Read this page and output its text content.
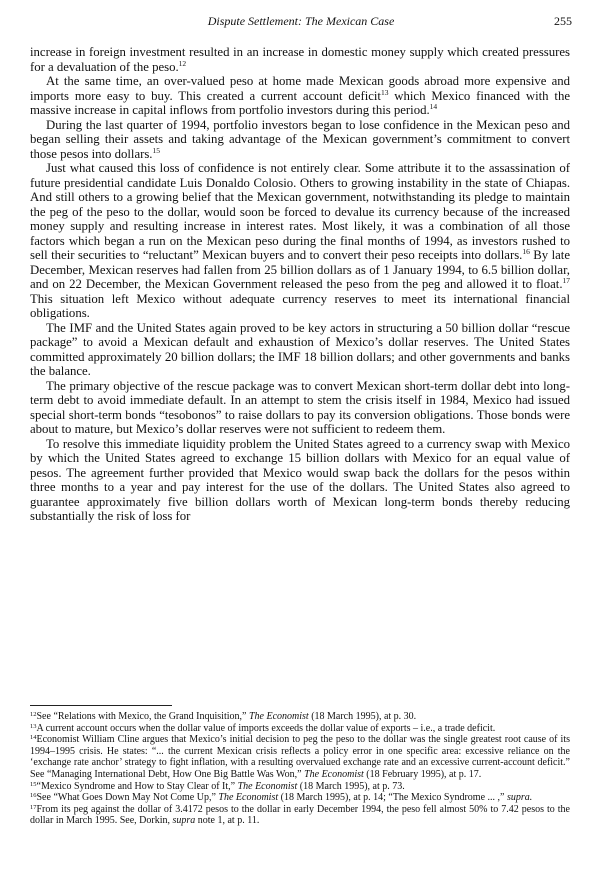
Dispute Settlement: The Mexican Case	255

increase in foreign investment resulted in an increase in domestic money supply which created pressures for a devaluation of the peso.$^{12}$

At the same time, an over-valued peso at home made Mexican goods abroad more expensive and imports more easy to buy. This created a current account deficit$^{13}$ which Mexico financed with the massive increase in capital inflows from portfolio investors during this period.$^{14}$

During the last quarter of 1994, portfolio investors began to lose confidence in the Mexican peso and began selling their assets and taking advantage of the Mexican government’s commitment to convert those pesos into dollars.$^{15}$

Just what caused this loss of confidence is not entirely clear. Some attribute it to the assassination of future presidential candidate Luis Donaldo Colosio. Others to growing instability in the state of Chiapas. And still others to a growing belief that the Mexican government, notwithstanding its pledge to maintain the peg of the peso to the dollar, would soon be forced to devalue its currency because of the increased money supply and resulting increase in interest rates. Most likely, it was a combination of all those factors which began a run on the Mexican peso during the final months of 1994, as investors rushed to sell their securities to “reluctant” Mexican buyers and to convert their peso receipts into dollars.$^{16}$ By late December, Mexican reserves had fallen from 25 billion dollars as of 1 January 1994, to 6.5 billion dollar, and on 22 December, the Mexican Government released the peso from the peg and allowed it to float.$^{17}$ This situation left Mexico without adequate currency reserves to meet its international financial obligations.

The IMF and the United States again proved to be key actors in structuring a 50 billion dollar “rescue package” to avoid a Mexican default and exhaustion of Mexico’s dollar reserves. The United States committed approximately 20 billion dollars; the IMF 18 billion dollars; and other governments and banks the balance.

The primary objective of the rescue package was to convert Mexican short-term dollar debt into long-term debt to avoid immediate default. In an attempt to stem the crisis itself in 1984, Mexico had issued special short-term bonds “tesobonos” to raise dollars to pay its conversion obligations. Those bonds were about to mature, but Mexico’s dollar reserves were not sufficient to redeem them.

To resolve this immediate liquidity problem the United States agreed to a currency swap with Mexico by which the United States agreed to exchange 15 billion dollars with Mexico for an equal value of pesos. The agreement further provided that Mexico would swap back the dollars for the pesos within three months to a year and pay interest for the use of the dollars. The United States also agreed to guarantee approximately five billion dollars worth of Mexican long-term bonds thereby reducing substantially the risk of loss for

$^{12}$See “Relations with Mexico, the Grand Inquisition,” The Economist (18 March 1995), at p. 30.

$^{13}$A current account occurs when the dollar value of imports exceeds the dollar value of exports – i.e., a trade deficit.

$^{14}$Economist William Cline argues that Mexico’s initial decision to peg the peso to the dollar was the single greatest root cause of its 1994–1995 crisis. He states: “... the current Mexican crisis reflects a policy error in one specific area: excessive reliance on the ‘exchange rate anchor’ strategy to fight inflation, with a resulting overvalued exchange rate and an excessive current-account deficit.” See “Managing International Debt, How One Big Battle Was Won,” The Economist (18 February 1995), at p. 17.

$^{15}$“Mexico Syndrome and How to Stay Clear of It,” The Economist (18 March 1995), at p. 73.

$^{16}$See “What Goes Down May Not Come Up,” The Economist (18 March 1995), at p. 14; “The Mexico Syndrome ... ,” supra.

$^{17}$From its peg against the dollar of 3.4172 pesos to the dollar in early December 1994, the peso fell almost 50% to 7.42 pesos to the dollar in March 1995. See, Dorkin, supra note 1, at p. 11.
